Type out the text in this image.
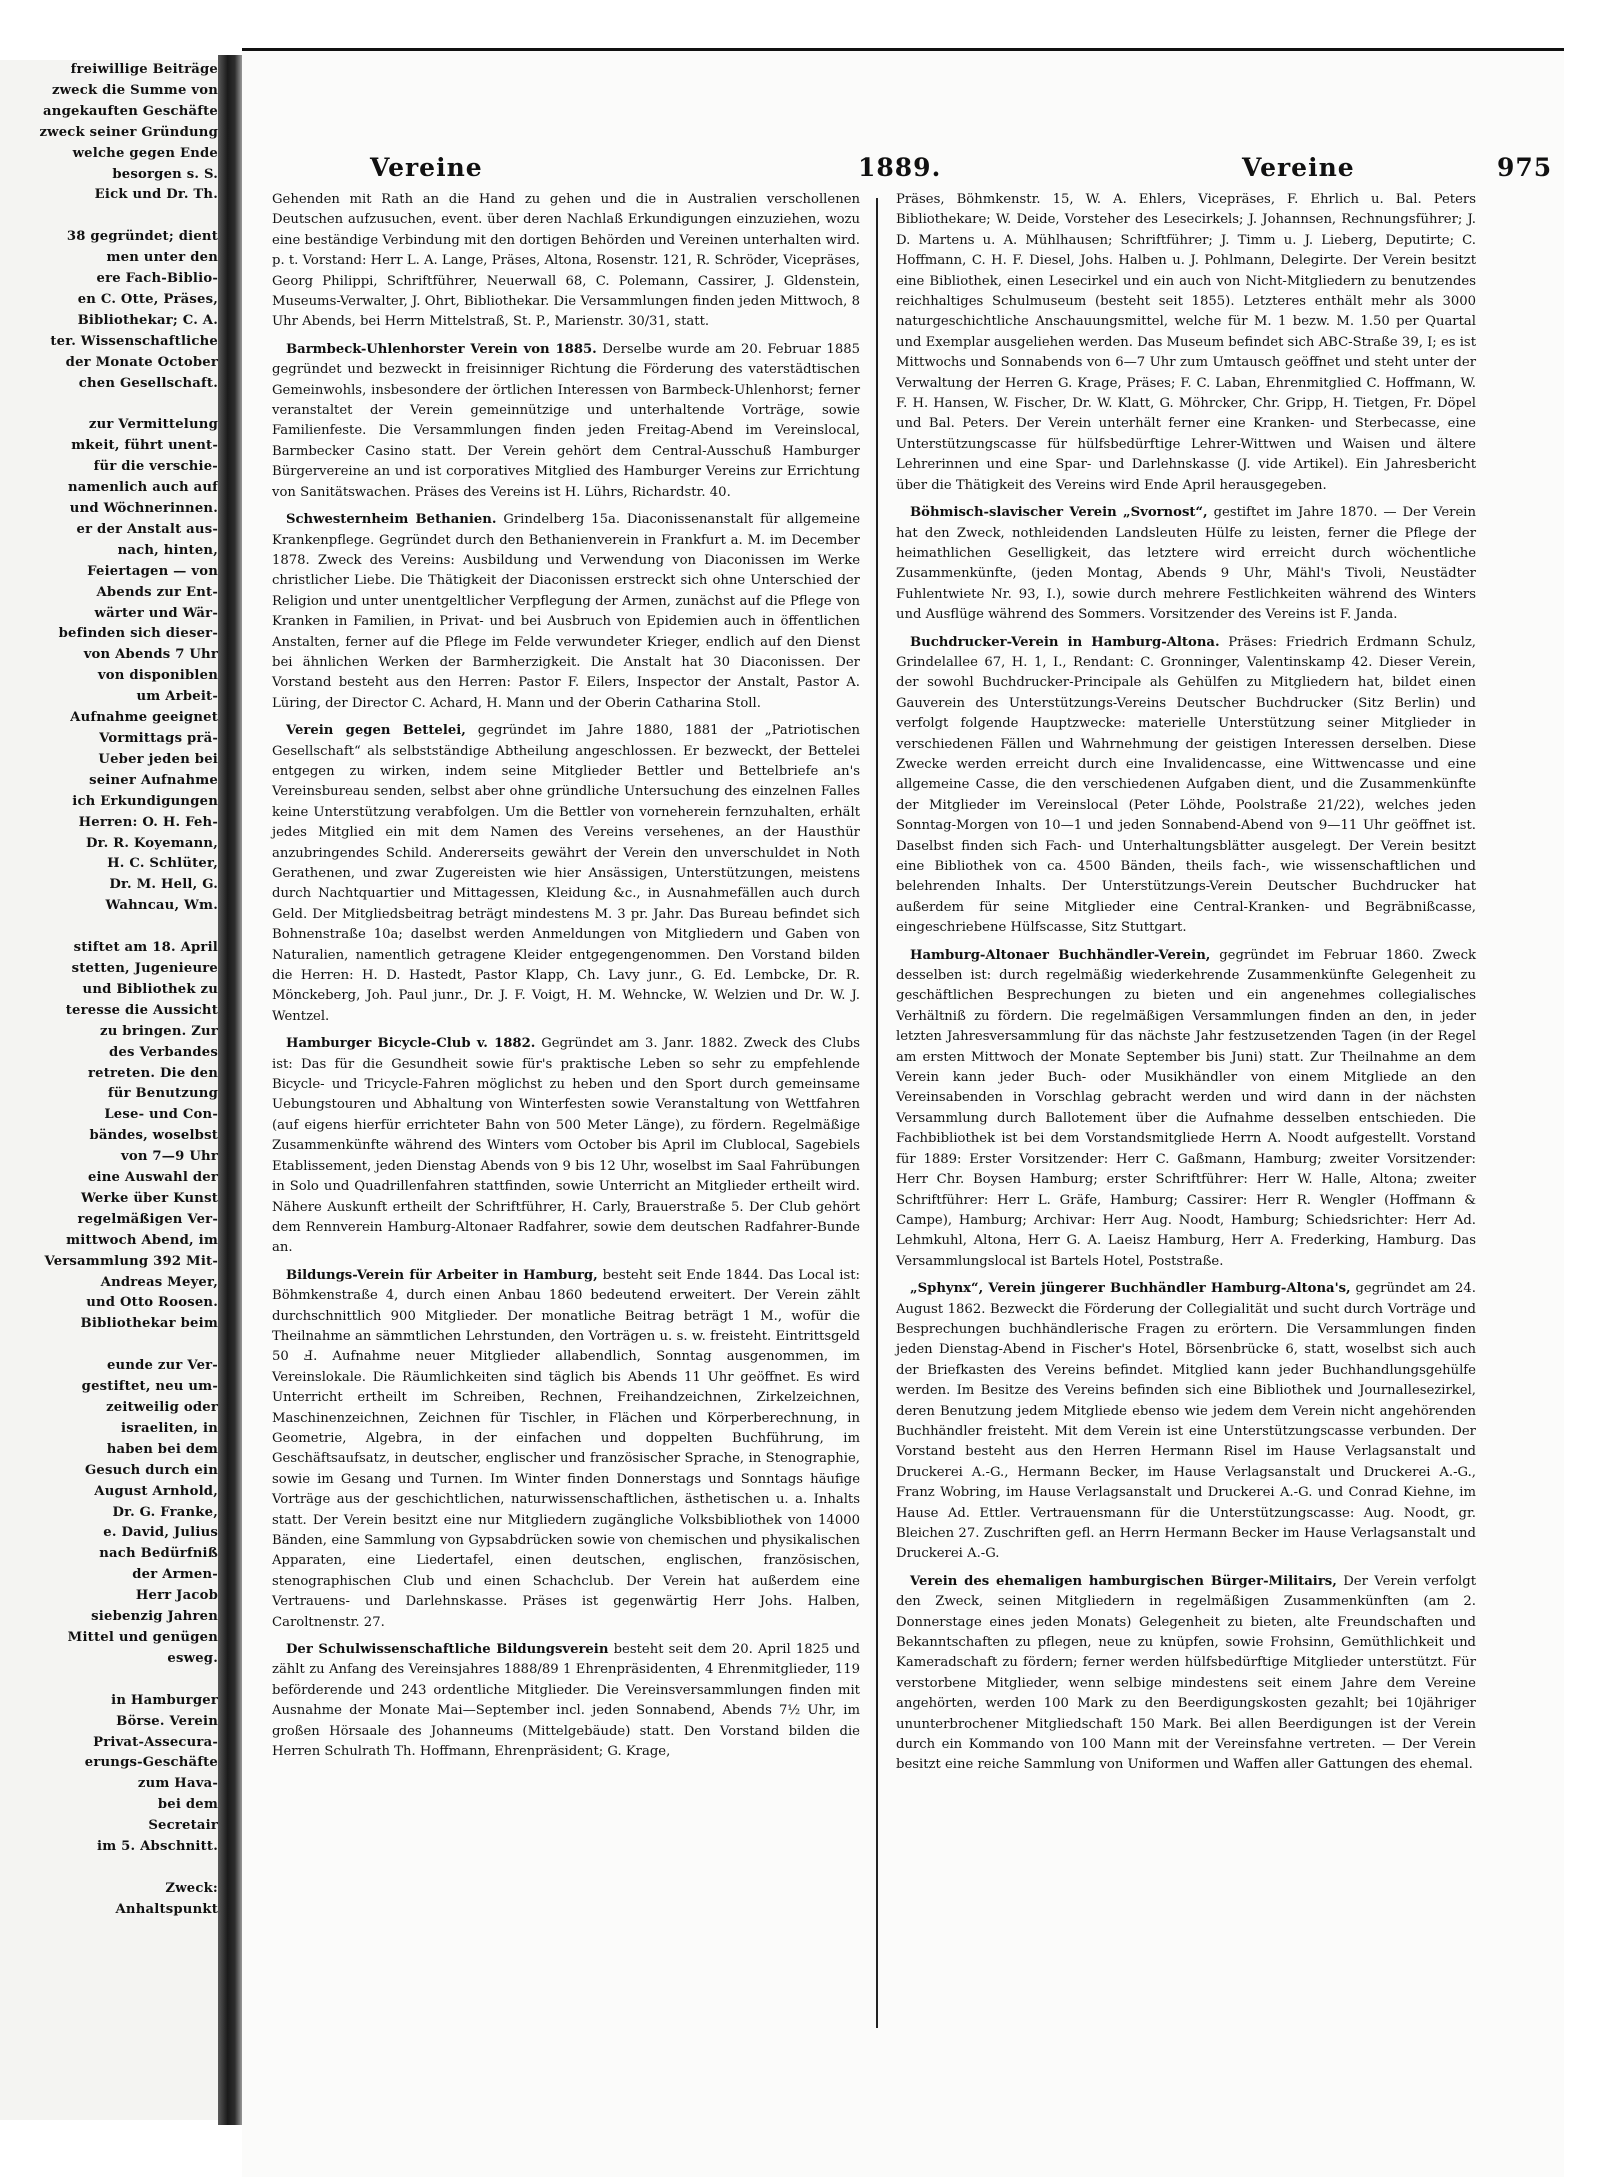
freiwillige Beiträge
zweck die Summe von
angekauften Geschäfte
zweck seiner Gründung
welche gegen Ende
besorgen s. S.
Eick und Dr. Th.

38 gegründet; dient
men unter den
ere Fach-Biblio-
en C. Otte, Präses,
Bibliothekar; C. A.
ter. Wissenschaftliche
der Monate October
chen Gesellschaft.

zur Vermittelung
mkeit, führt unent-
für die verschie-
namenlich auch auf
und Wöchnerinnen.
er der Anstalt aus-
nach, hinten,
Feiertagen — von
Abends zur Ent-
wärter und Wär-
befinden sich dieser-
von Abends 7 Uhr
von disponiblen
um Arbeit-
Aufnahme geeignet
Vormittags prä-
Ueber jeden bei
seiner Aufnahme
ich Erkundigungen
Herren: O. H. Feh-
Dr. R. Koyemann,
H. C. Schlüter,
Dr. M. Hell, G.
Wahncau, Wm.

stiftet am 18. April
stetten, Jugenieure
und Bibliothek zu
teresse die Aussicht
zu bringen. Zur
des Verbandes
retreten. Die den
für Benutzung
Lese- und Con-
bändes, woselbst
von 7—9 Uhr
eine Auswahl der
Werke über Kunst
regelmäßigen Ver-
mittwoch Abend, im
Versammlung 392 Mit-
Andreas Meyer,
und Otto Roosen.
Bibliothekar beim

eunde zur Ver-
gestiftet, neu um-
zeitweilig oder
israeliten, in
haben bei dem
Gesuch durch ein
August Arnhold,
Dr. G. Franke,
e. David, Julius
nach Bedürfniß
der Armen-
Herr Jacob
siebenzig Jahren
Mittel und genügen
esweg.

in Hamburger
Börse. Verein
Privat-Assecura-
erungs-Geschäfte
zum Hava-
bei dem
Secretair
im 5. Abschnitt.

Zweck:
Anhaltspunkt
Vereine	1889.	Vereine	975

Gehenden mit Rath an die Hand zu gehen und die in Australien verschollenen Deutschen aufzusuchen, event. über deren Nachlaß Erkundigungen einzuziehen, wozu eine beständige Verbindung mit den dortigen Behörden und Vereinen unterhalten wird. p. t. Vorstand: Herr L. A. Lange, Präses, Altona, Rosenstr. 121, R. Schröder, Vicepräses, Georg Philippi, Schriftführer, Neuerwall 68, C. Polemann, Cassirer, J. Gldenstein, Museums-Verwalter, J. Ohrt, Bibliothekar. Die Versammlungen finden jeden Mittwoch, 8 Uhr Abends, bei Herrn Mittelstraß, St. P., Marienstr. 30/31, statt.

Barmbeck-Uhlenhorster Verein von 1885. Derselbe wurde am 20. Februar 1885 gegründet und bezweckt in freisinniger Richtung die Förderung des vaterstädtischen Gemeinwohls, insbesondere der örtlichen Interessen von Barmbeck-Uhlenhorst; ferner veranstaltet der Verein gemeinnützige und unterhaltende Vorträge, sowie Familienfeste. Die Versammlungen finden jeden Freitag-Abend im Vereinslocal, Barmbecker Casino statt. Der Verein gehört dem Central-Ausschuß Hamburger Bürgervereine an und ist corporatives Mitglied des Hamburger Vereins zur Errichtung von Sanitätswachen. Präses des Vereins ist H. Lührs, Richardstr. 40.

Schwesternheim Bethanien. Grindelberg 15a. Diaconissenanstalt für allgemeine Krankenpflege. Gegründet durch den Bethanienverein in Frankfurt a. M. im December 1878. Zweck des Vereins: Ausbildung und Verwendung von Diaconissen im Werke christlicher Liebe. Die Thätigkeit der Diaconissen erstreckt sich ohne Unterschied der Religion und unter unentgeltlicher Verpflegung der Armen, zunächst auf die Pflege von Kranken in Familien, in Privat- und bei Ausbruch von Epidemien auch in öffentlichen Anstalten, ferner auf die Pflege im Felde verwundeter Krieger, endlich auf den Dienst bei ähnlichen Werken der Barmherzigkeit. Die Anstalt hat 30 Diaconissen. Der Vorstand besteht aus den Herren: Pastor F. Eilers, Inspector der Anstalt, Pastor A. Lüring, der Director C. Achard, H. Mann und der Oberin Catharina Stoll.

Verein gegen Bettelei, gegründet im Jahre 1880, 1881 der „Patriotischen Gesellschaft“ als selbstständige Abtheilung angeschlossen. Er bezweckt, der Bettelei entgegen zu wirken, indem seine Mitglieder Bettler und Bettelbriefe an's Vereinsbureau senden, selbst aber ohne gründliche Untersuchung des einzelnen Falles keine Unterstützung verabfolgen. Um die Bettler von vorneherein fernzuhalten, erhält jedes Mitglied ein mit dem Namen des Vereins versehenes, an der Hausthür anzubringendes Schild. Andererseits gewährt der Verein den unverschuldet in Noth Gerathenen, und zwar Zugereisten wie hier Ansässigen, Unterstützungen, meistens durch Nachtquartier und Mittagessen, Kleidung &c., in Ausnahmefällen auch durch Geld. Der Mitgliedsbeitrag beträgt mindestens M. 3 pr. Jahr. Das Bureau befindet sich Bohnenstraße 10a; daselbst werden Anmeldungen von Mitgliedern und Gaben von Naturalien, namentlich getragene Kleider entgegengenommen. Den Vorstand bilden die Herren: H. D. Hastedt, Pastor Klapp, Ch. Lavy junr., G. Ed. Lembcke, Dr. R. Mönckeberg, Joh. Paul junr., Dr. J. F. Voigt, H. M. Wehncke, W. Welzien und Dr. W. J. Wentzel.

Hamburger Bicycle-Club v. 1882. Gegründet am 3. Janr. 1882. Zweck des Clubs ist: Das für die Gesundheit sowie für's praktische Leben so sehr zu empfehlende Bicycle- und Tricycle-Fahren möglichst zu heben und den Sport durch gemeinsame Uebungstouren und Abhaltung von Winterfesten sowie Veranstaltung von Wettfahren (auf eigens hierfür errichteter Bahn von 500 Meter Länge), zu fördern. Regelmäßige Zusammenkünfte während des Winters vom October bis April im Clublocal, Sagebiels Etablissement, jeden Dienstag Abends von 9 bis 12 Uhr, woselbst im Saal Fahrübungen in Solo und Quadrillenfahren stattfinden, sowie Unterricht an Mitglieder ertheilt wird. Nähere Auskunft ertheilt der Schriftführer, H. Carly, Brauerstraße 5. Der Club gehört dem Rennverein Hamburg-Altonaer Radfahrer, sowie dem deutschen Radfahrer-Bunde an.

Bildungs-Verein für Arbeiter in Hamburg, besteht seit Ende 1844. Das Local ist: Böhmkenstraße 4, durch einen Anbau 1860 bedeutend erweitert. Der Verein zählt durchschnittlich 900 Mitglieder. Der monatliche Beitrag beträgt 1 M., wofür die Theilnahme an sämmtlichen Lehrstunden, den Vorträgen u. s. w. freisteht. Eintrittsgeld 50 Ⅎ. Aufnahme neuer Mitglieder allabendlich, Sonntag ausgenommen, im Vereinslokale. Die Räumlichkeiten sind täglich bis Abends 11 Uhr geöffnet. Es wird Unterricht ertheilt im Schreiben, Rechnen, Freihandzeichnen, Zirkelzeichnen, Maschinenzeichnen, Zeichnen für Tischler, in Flächen und Körperberechnung, in Geometrie, Algebra, in der einfachen und doppelten Buchführung, im Geschäftsaufsatz, in deutscher, englischer und französischer Sprache, in Stenographie, sowie im Gesang und Turnen. Im Winter finden Donnerstags und Sonntags häufige Vorträge aus der geschichtlichen, naturwissenschaftlichen, ästhetischen u. a. Inhalts statt. Der Verein besitzt eine nur Mitgliedern zugängliche Volksbibliothek von 14000 Bänden, eine Sammlung von Gypsabdrücken sowie von chemischen und physikalischen Apparaten, eine Liedertafel, einen deutschen, englischen, französischen, stenographischen Club und einen Schachclub. Der Verein hat außerdem eine Vertrauens- und Darlehnskasse. Präses ist gegenwärtig Herr Johs. Halben, Caroltnenstr. 27.

Der Schulwissenschaftliche Bildungsverein besteht seit dem 20. April 1825 und zählt zu Anfang des Vereinsjahres 1888/89 1 Ehrenpräsidenten, 4 Ehrenmitglieder, 119 beförderende und 243 ordentliche Mitglieder. Die Vereinsversammlungen finden mit Ausnahme der Monate Mai—September incl. jeden Sonnabend, Abends 7½ Uhr, im großen Hörsaale des Johanneums (Mittelgebäude) statt. Den Vorstand bilden die Herren Schulrath Th. Hoffmann, Ehrenpräsident; G. Krage,

Präses, Böhmkenstr. 15, W. A. Ehlers, Vicepräses, F. Ehrlich u. Bal. Peters Bibliothekare; W. Deide, Vorsteher des Lesecirkels; J. Johannsen, Rechnungsführer; J. D. Martens u. A. Mühlhausen; Schriftführer; J. Timm u. J. Lieberg, Deputirte; C. Hoffmann, C. H. F. Diesel, Johs. Halben u. J. Pohlmann, Delegirte. Der Verein besitzt eine Bibliothek, einen Lesecirkel und ein auch von Nicht-Mitgliedern zu benutzendes reichhaltiges Schulmuseum (besteht seit 1855). Letzteres enthält mehr als 3000 naturgeschichtliche Anschauungsmittel, welche für M. 1 bezw. M. 1.50 per Quartal und Exemplar ausgeliehen werden. Das Museum befindet sich ABC-Straße 39, I; es ist Mittwochs und Sonnabends von 6—7 Uhr zum Umtausch geöffnet und steht unter der Verwaltung der Herren G. Krage, Präses; F. C. Laban, Ehrenmitglied C. Hoffmann, W. F. H. Hansen, W. Fischer, Dr. W. Klatt, G. Möhrcker, Chr. Gripp, H. Tietgen, Fr. Döpel und Bal. Peters. Der Verein unterhält ferner eine Kranken- und Sterbecasse, eine Unterstützungscasse für hülfsbedürftige Lehrer-Wittwen und Waisen und ältere Lehrerinnen und eine Spar- und Darlehnskasse (J. vide Artikel). Ein Jahresbericht über die Thätigkeit des Vereins wird Ende April herausgegeben.

Böhmisch-slavischer Verein „Svornost“, gestiftet im Jahre 1870. — Der Verein hat den Zweck, nothleidenden Landsleuten Hülfe zu leisten, ferner die Pflege der heimathlichen Geselligkeit, das letztere wird erreicht durch wöchentliche Zusammenkünfte, (jeden Montag, Abends 9 Uhr, Mähl's Tivoli, Neustädter Fuhlentwiete Nr. 93, I.), sowie durch mehrere Festlichkeiten während des Winters und Ausflüge während des Sommers. Vorsitzender des Vereins ist F. Janda.

Buchdrucker-Verein in Hamburg-Altona. Präses: Friedrich Erdmann Schulz, Grindelallee 67, H. 1, I., Rendant: C. Gronninger, Valentinskamp 42. Dieser Verein, der sowohl Buchdrucker-Principale als Gehülfen zu Mitgliedern hat, bildet einen Gauverein des Unterstützungs-Vereins Deutscher Buchdrucker (Sitz Berlin) und verfolgt folgende Hauptzwecke: materielle Unterstützung seiner Mitglieder in verschiedenen Fällen und Wahrnehmung der geistigen Interessen derselben. Diese Zwecke werden erreicht durch eine Invalidencasse, eine Wittwencasse und eine allgemeine Casse, die den verschiedenen Aufgaben dient, und die Zusammenkünfte der Mitglieder im Vereinslocal (Peter Löhde, Poolstraße 21/22), welches jeden Sonntag-Morgen von 10—1 und jeden Sonnabend-Abend von 9—11 Uhr geöffnet ist. Daselbst finden sich Fach- und Unterhaltungsblätter ausgelegt. Der Verein besitzt eine Bibliothek von ca. 4500 Bänden, theils fach-, wie wissenschaftlichen und belehrenden Inhalts. Der Unterstützungs-Verein Deutscher Buchdrucker hat außerdem für seine Mitglieder eine Central-Kranken- und Begräbnißcasse, eingeschriebene Hülfscasse, Sitz Stuttgart.

Hamburg-Altonaer Buchhändler-Verein, gegründet im Februar 1860. Zweck desselben ist: durch regelmäßig wiederkehrende Zusammenkünfte Gelegenheit zu geschäftlichen Besprechungen zu bieten und ein angenehmes collegialisches Verhältniß zu fördern. Die regelmäßigen Versammlungen finden an den, in jeder letzten Jahresversammlung für das nächste Jahr festzusetzenden Tagen (in der Regel am ersten Mittwoch der Monate September bis Juni) statt. Zur Theilnahme an dem Verein kann jeder Buch- oder Musikhändler von einem Mitgliede an den Vereinsabenden in Vorschlag gebracht werden und wird dann in der nächsten Versammlung durch Ballotement über die Aufnahme desselben entschieden. Die Fachbibliothek ist bei dem Vorstandsmitgliede Herrn A. Noodt aufgestellt. Vorstand für 1889: Erster Vorsitzender: Herr C. Gaßmann, Hamburg; zweiter Vorsitzender: Herr Chr. Boysen Hamburg; erster Schriftführer: Herr W. Halle, Altona; zweiter Schriftführer: Herr L. Gräfe, Hamburg; Cassirer: Herr R. Wengler (Hoffmann & Campe), Hamburg; Archivar: Herr Aug. Noodt, Hamburg; Schiedsrichter: Herr Ad. Lehmkuhl, Altona, Herr G. A. Laeisz Hamburg, Herr A. Frederking, Hamburg. Das Versammlungslocal ist Bartels Hotel, Poststraße.

„Sphynx“, Verein jüngerer Buchhändler Hamburg-Altona's, gegründet am 24. August 1862. Bezweckt die Förderung der Collegialität und sucht durch Vorträge und Besprechungen buchhändlerische Fragen zu erörtern. Die Versammlungen finden jeden Dienstag-Abend in Fischer's Hotel, Börsenbrücke 6, statt, woselbst sich auch der Briefkasten des Vereins befindet. Mitglied kann jeder Buchhandlungsgehülfe werden. Im Besitze des Vereins befinden sich eine Bibliothek und Journallesezirkel, deren Benutzung jedem Mitgliede ebenso wie jedem dem Verein nicht angehörenden Buchhändler freisteht. Mit dem Verein ist eine Unterstützungscasse verbunden. Der Vorstand besteht aus den Herren Hermann Risel im Hause Verlagsanstalt und Druckerei A.-G., Hermann Becker, im Hause Verlagsanstalt und Druckerei A.-G., Franz Wobring, im Hause Verlagsanstalt und Druckerei A.-G. und Conrad Kiehne, im Hause Ad. Ettler. Vertrauensmann für die Unterstützungscasse: Aug. Noodt, gr. Bleichen 27. Zuschriften gefl. an Herrn Hermann Becker im Hause Verlagsanstalt und Druckerei A.-G.

Verein des ehemaligen hamburgischen Bürger-Militairs, Der Verein verfolgt den Zweck, seinen Mitgliedern in regelmäßigen Zusammenkünften (am 2. Donnerstage eines jeden Monats) Gelegenheit zu bieten, alte Freundschaften und Bekanntschaften zu pflegen, neue zu knüpfen, sowie Frohsinn, Gemüthlichkeit und Kameradschaft zu fördern; ferner werden hülfsbedürftige Mitglieder unterstützt. Für verstorbene Mitglieder, wenn selbige mindestens seit einem Jahre dem Vereine angehörten, werden 100 Mark zu den Beerdigungskosten gezahlt; bei 10jähriger ununterbrochener Mitgliedschaft 150 Mark. Bei allen Beerdigungen ist der Verein durch ein Kommando von 100 Mann mit der Vereinsfahne vertreten. — Der Verein besitzt eine reiche Sammlung von Uniformen und Waffen aller Gattungen des ehemal.
